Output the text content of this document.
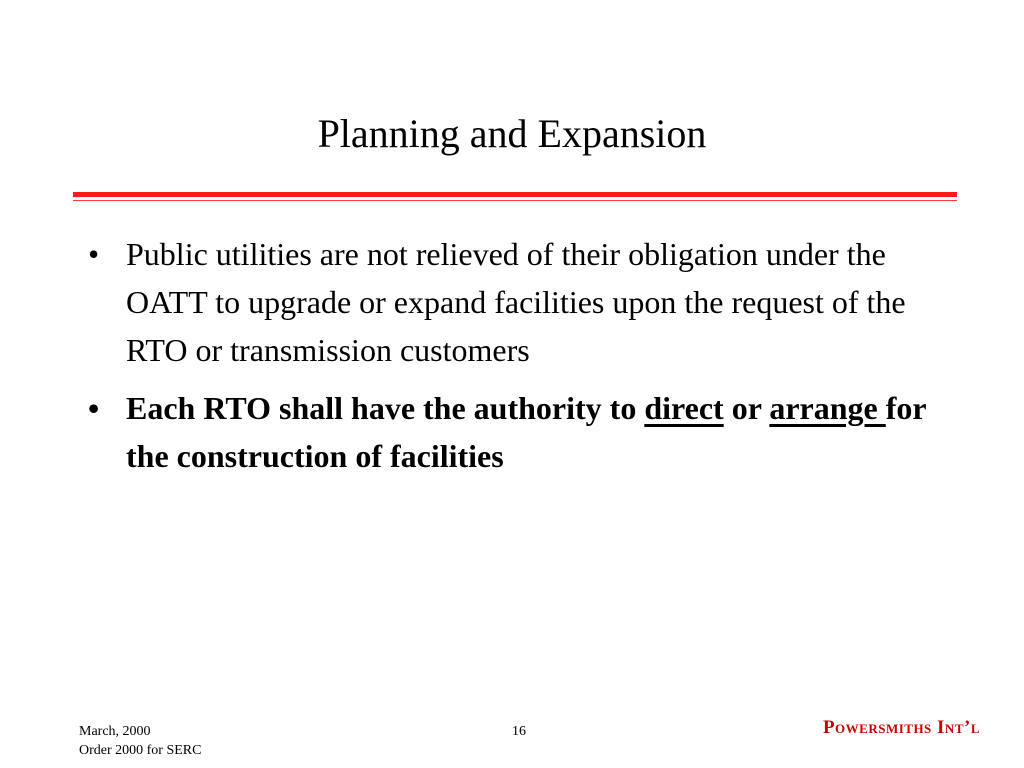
Planning and Expansion
• Public utilities are not relieved of their obligation under the OATT to upgrade or expand facilities upon the request of the RTO or transmission customers
• Each RTO shall have the authority to direct or arrange for the construction of facilities
March, 2000
Order 2000 for SERC
16	Powersmiths Int’l
